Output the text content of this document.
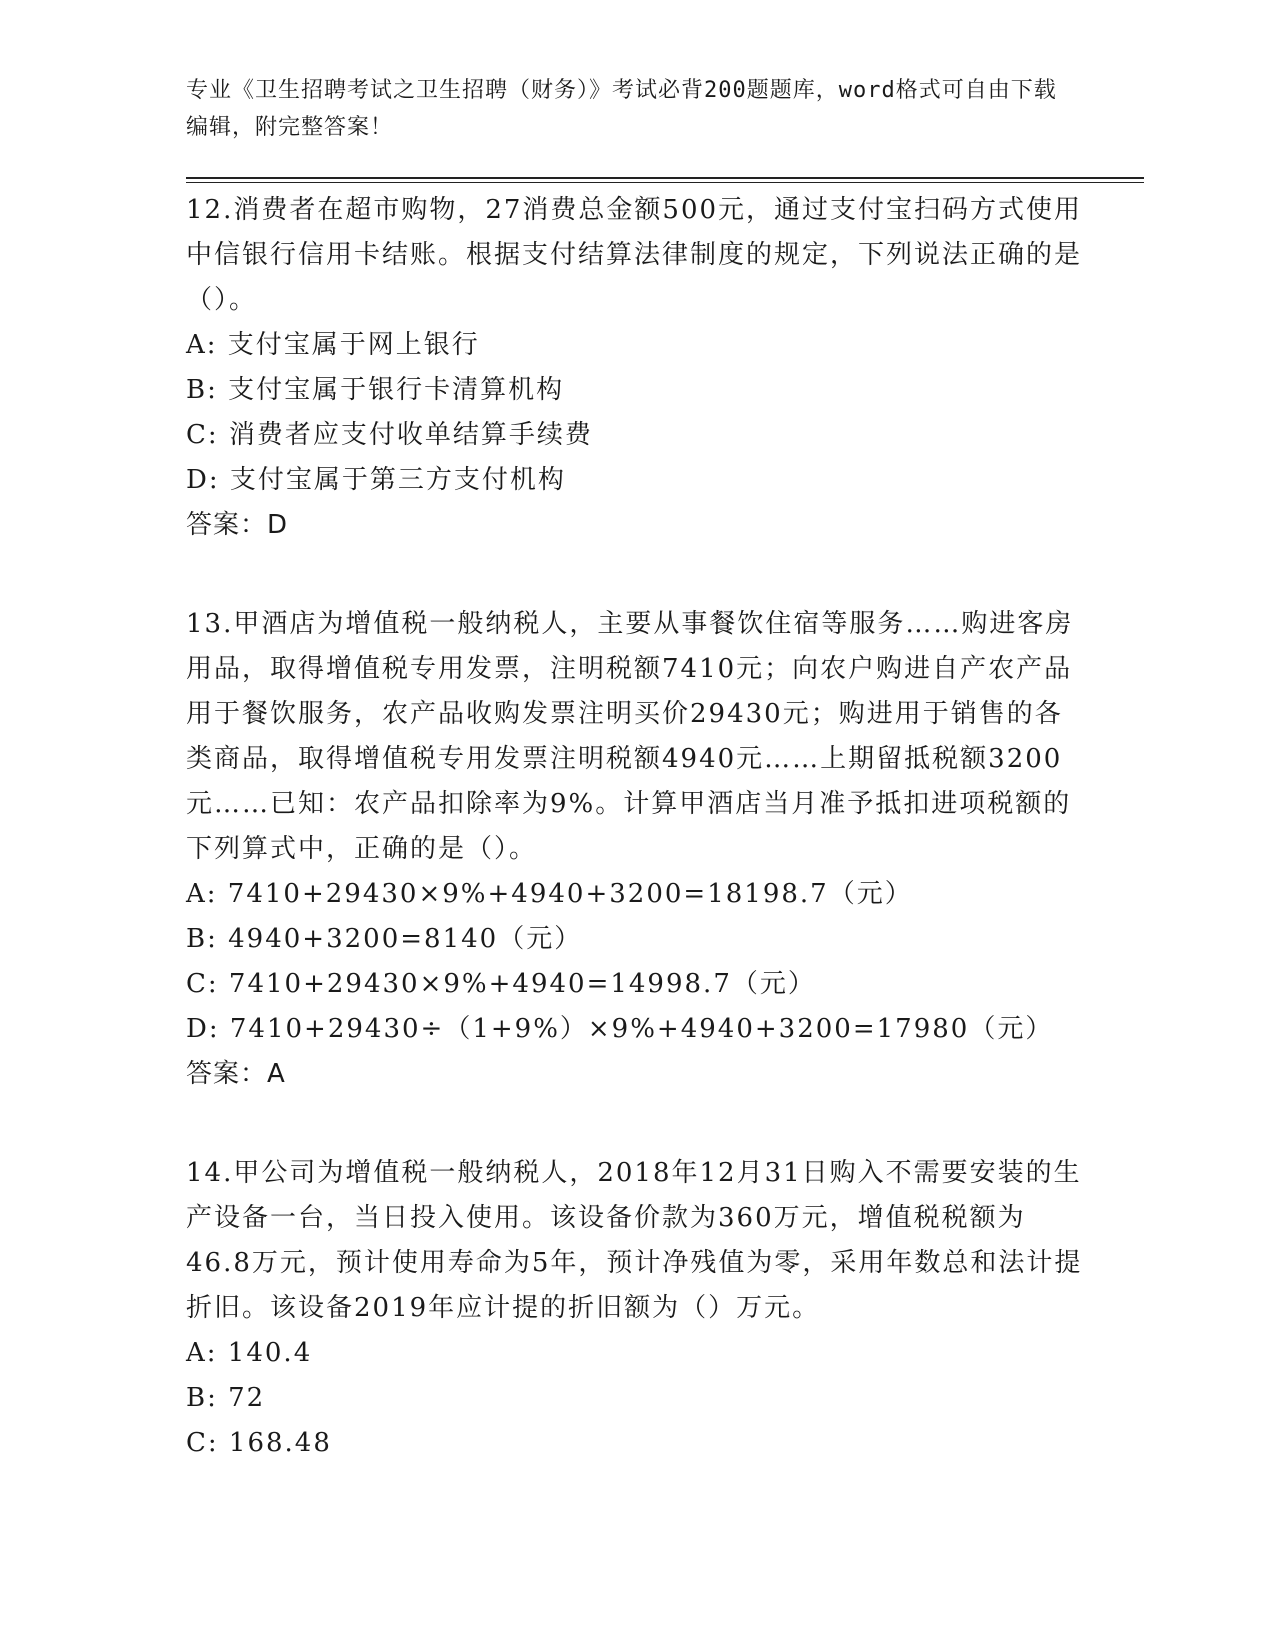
专业《卫生招聘考试之卫生招聘（财务）》考试必背200题题库，word格式可自由下载编辑，附完整答案！

12.消费者在超市购物，27消费总金额500元，通过支付宝扫码方式使用中信银行信用卡结账。根据支付结算法律制度的规定，下列说法正确的是（）。

A: 支付宝属于网上银行

B: 支付宝属于银行卡清算机构

C: 消费者应支付收单结算手续费

D: 支付宝属于第三方支付机构

答案：D

13.甲酒店为增值税一般纳税人，主要从事餐饮住宿等服务……购进客房用品，取得增值税专用发票，注明税额7410元；向农户购进自产农产品用于餐饮服务，农产品收购发票注明买价29430元；购进用于销售的各类商品，取得增值税专用发票注明税额4940元……上期留抵税额3200元……已知：农产品扣除率为9%。计算甲酒店当月准予抵扣进项税额的下列算式中，正确的是（）。

A: 7410+29430×9%+4940+3200=18198.7（元）

B: 4940+3200=8140（元）

C: 7410+29430×9%+4940=14998.7（元）

D: 7410+29430÷（1+9%）×9%+4940+3200=17980（元）

答案：A

14.甲公司为增值税一般纳税人，2018年12月31日购入不需要安装的生产设备一台，当日投入使用。该设备价款为360万元，增值税税额为46.8万元，预计使用寿命为5年，预计净残值为零，采用年数总和法计提折旧。该设备2019年应计提的折旧额为（）万元。

A: 140.4

B: 72

C: 168.48
